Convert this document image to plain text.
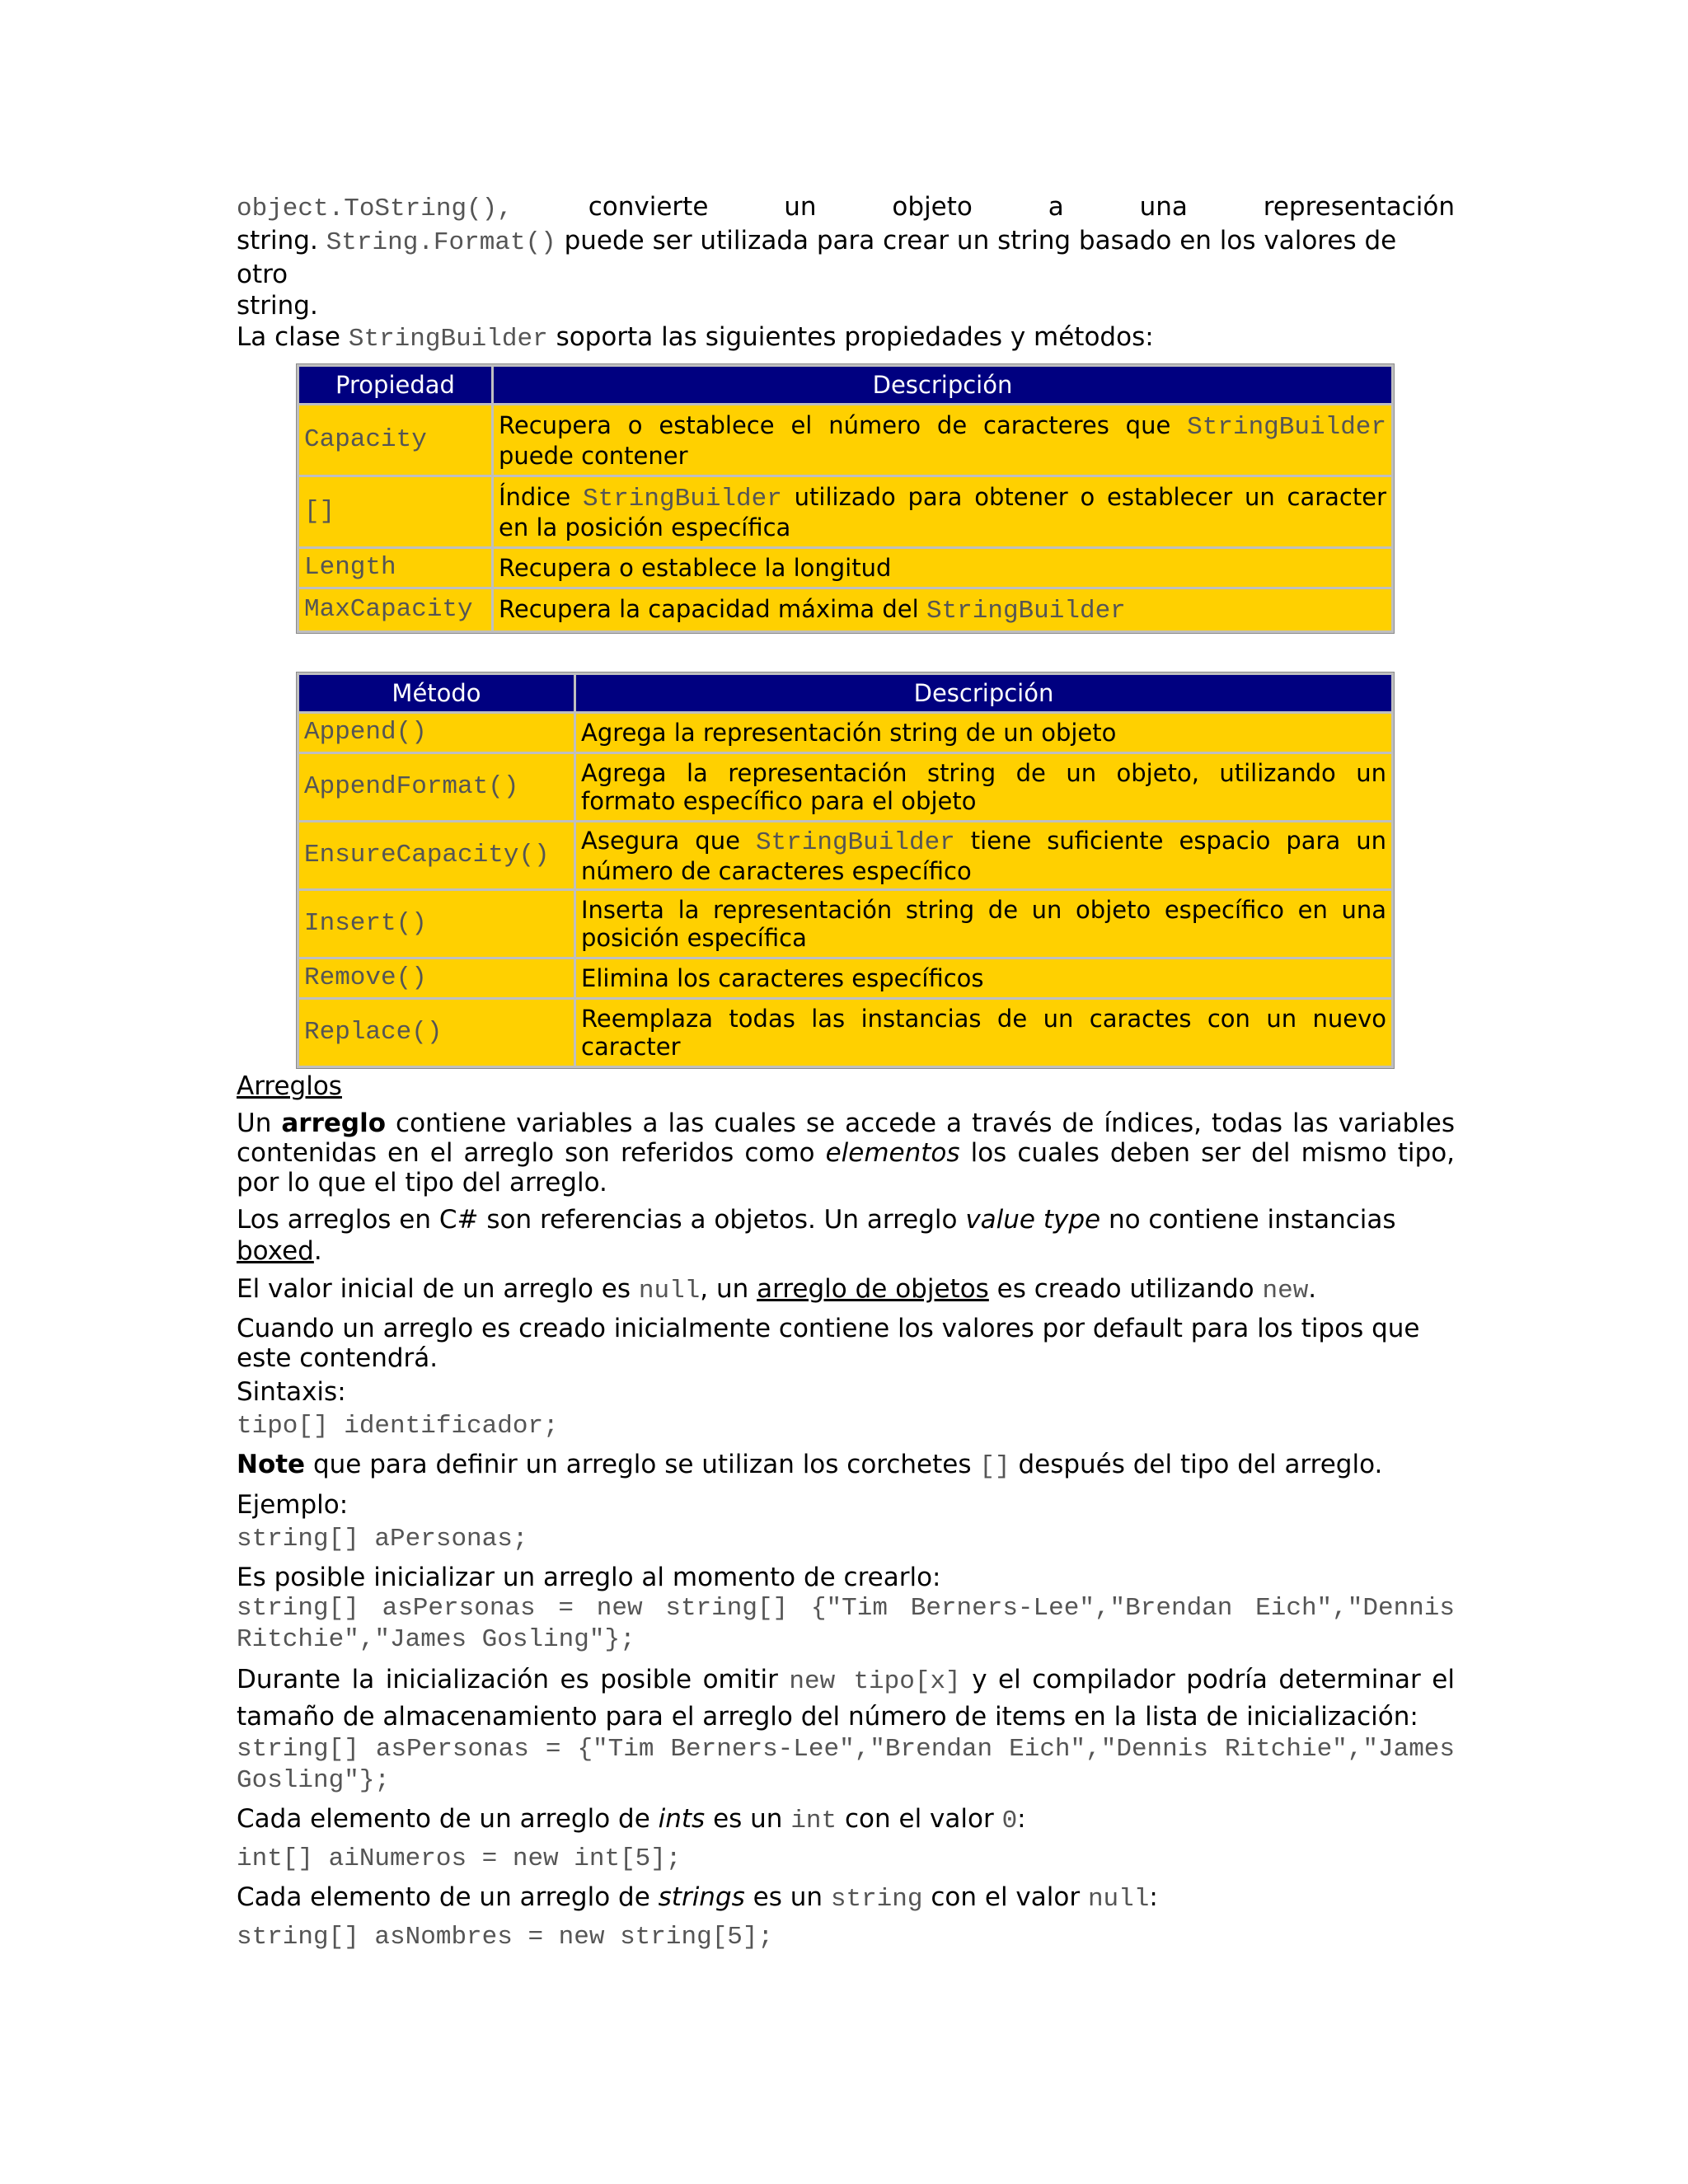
object.ToString(),	convierte un objeto a una representación

string. String.Format() puede ser utilizada para crear un string basado en los valores de otro

string.

La clase StringBuilder soporta las siguientes propiedades y métodos:

Propiedad	Descripción
Capacity	Recupera o establece el número de caracteres que StringBuilder puede contener
[]	Índice StringBuilder utilizado para obtener o establecer un caracter en la posición específica
Length	Recupera o establece la longitud
MaxCapacity	Recupera la capacidad máxima del StringBuilder
Método	Descripción
Append()	Agrega la representación string de un objeto
AppendFormat()	Agrega la representación string de un objeto, utilizando un formato específico para el objeto
EnsureCapacity()	Asegura que StringBuilder tiene suficiente espacio para un número de caracteres específico
Insert()	Inserta la representación string de un objeto específico en una posición específica
Remove()	Elimina los caracteres específicos
Replace()	Reemplaza todas las instancias de un caractes con un nuevo caracter

Arreglos

Un arreglo contiene variables a las cuales se accede a través de índices, todas las variables contenidas en el arreglo son referidos como elementos los cuales deben ser del mismo tipo, por lo que el tipo del arreglo.

Los arreglos en C# son referencias a objetos. Un arreglo value type no contiene instancias boxed.

El valor inicial de un arreglo es null, un arreglo de objetos es creado utilizando new.

Cuando un arreglo es creado inicialmente contiene los valores por default para los tipos que este contendrá.

Sintaxis:

tipo[] identificador;

Note que para definir un arreglo se utilizan los corchetes [] después del tipo del arreglo.

Ejemplo:

string[] aPersonas;

Es posible inicializar un arreglo al momento de crearlo:

string[] asPersonas = new string[] {"Tim Berners-Lee","Brendan Eich","Dennis Ritchie","James Gosling"};

Durante la inicialización es posible omitir new tipo[x] y el compilador podría determinar el tamaño de almacenamiento para el arreglo del número de items en la lista de inicialización:

string[] asPersonas = {"Tim Berners-Lee","Brendan Eich","Dennis Ritchie","James Gosling"};

Cada elemento de un arreglo de ints es un int con el valor 0:

int[] aiNumeros = new int[5];

Cada elemento de un arreglo de strings es un string con el valor null:

string[] asNombres = new string[5];
